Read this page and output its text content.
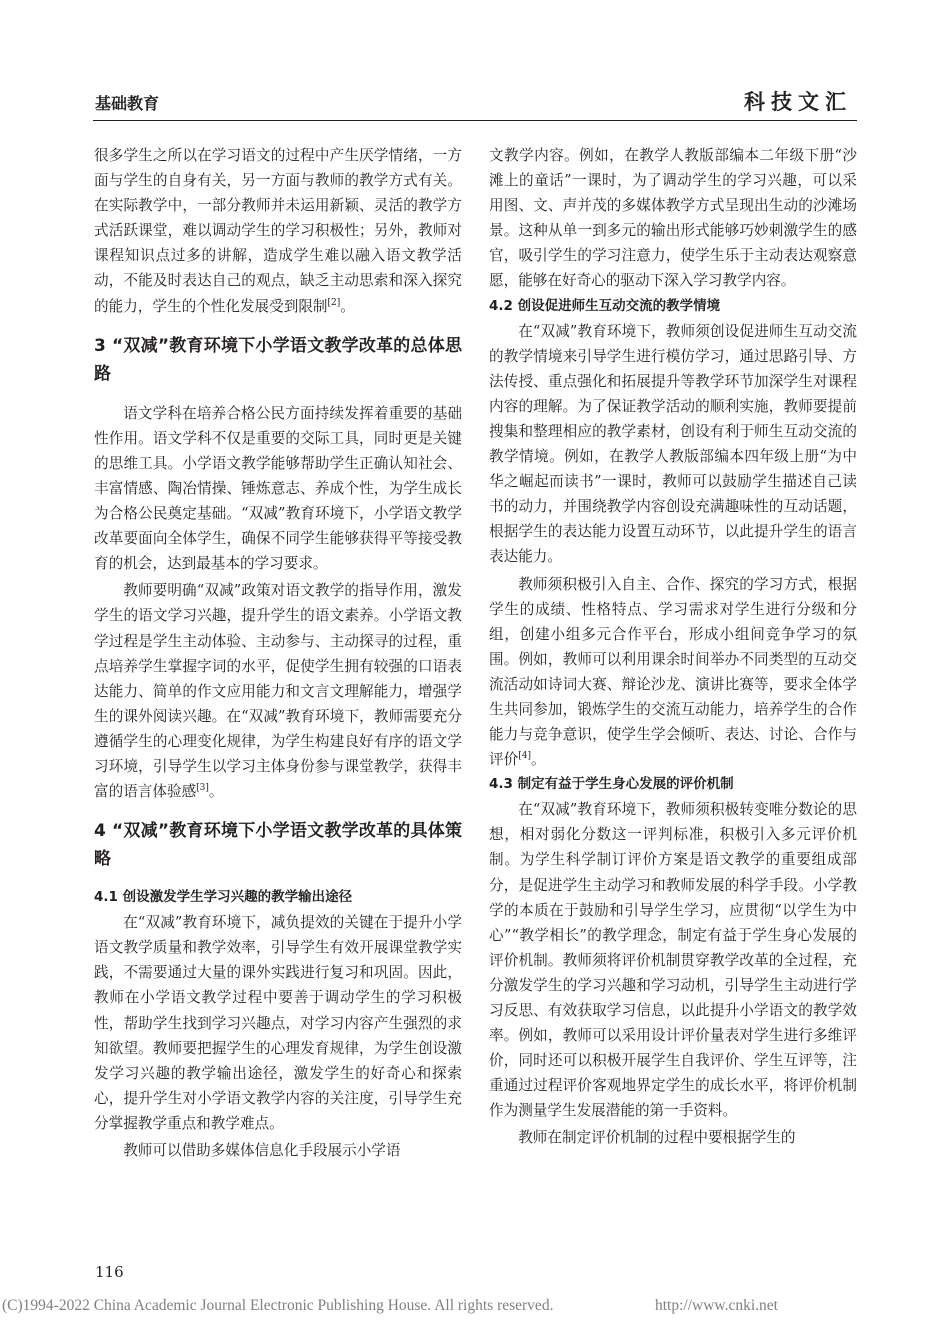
基础教育	科技文汇

很多学生之所以在学习语文的过程中产生厌学情绪，一方面与学生的自身有关，另一方面与教师的教学方式有关。在实际教学中，一部分教师并未运用新颖、灵活的教学方式活跃课堂，难以调动学生的学习积极性；另外，教师对课程知识点过多的讲解，造成学生难以融入语文教学活动，不能及时表达自己的观点，缺乏主动思索和深入探究的能力，学生的个性化发展受到限制[2]。

3 “双减”教育环境下小学语文教学改革的总体思路

语文学科在培养合格公民方面持续发挥着重要的基础性作用。语文学科不仅是重要的交际工具，同时更是关键的思维工具。小学语文教学能够帮助学生正确认知社会、丰富情感、陶冶情操、锤炼意志、养成个性，为学生成长为合格公民奠定基础。“双减”教育环境下，小学语文教学改革要面向全体学生，确保不同学生能够获得平等接受教育的机会，达到最基本的学习要求。

教师要明确“双减”政策对语文教学的指导作用，激发学生的语文学习兴趣，提升学生的语文素养。小学语文教学过程是学生主动体验、主动参与、主动探寻的过程，重点培养学生掌握字词的水平，促使学生拥有较强的口语表达能力、简单的作文应用能力和文言文理解能力，增强学生的课外阅读兴趣。在“双减”教育环境下，教师需要充分遵循学生的心理变化规律，为学生构建良好有序的语文学习环境，引导学生以学习主体身份参与课堂教学，获得丰富的语言体验感[3]。

4 “双减”教育环境下小学语文教学改革的具体策略
4.1 创设激发学生学习兴趣的教学输出途径

在“双减”教育环境下，减负提效的关键在于提升小学语文教学质量和教学效率，引导学生有效开展课堂教学实践，不需要通过大量的课外实践进行复习和巩固。因此，教师在小学语文教学过程中要善于调动学生的学习积极性，帮助学生找到学习兴趣点，对学习内容产生强烈的求知欲望。教师要把握学生的心理发育规律，为学生创设激发学习兴趣的教学输出途径，激发学生的好奇心和探索心，提升学生对小学语文教学内容的关注度，引导学生充分掌握教学重点和教学难点。

教师可以借助多媒体信息化手段展示小学语

文教学内容。例如，在教学人教版部编本二年级下册“沙滩上的童话”一课时，为了调动学生的学习兴趣，可以采用图、文、声并茂的多媒体教学方式呈现出生动的沙滩场景。这种从单一到多元的输出形式能够巧妙刺激学生的感官，吸引学生的学习注意力，使学生乐于主动表达观察意愿，能够在好奇心的驱动下深入学习教学内容。

4.2 创设促进师生互动交流的教学情境

在“双减”教育环境下，教师须创设促进师生互动交流的教学情境来引导学生进行模仿学习，通过思路引导、方法传授、重点强化和拓展提升等教学环节加深学生对课程内容的理解。为了保证教学活动的顺利实施，教师要提前搜集和整理相应的教学素材，创设有利于师生互动交流的教学情境。例如，在教学人教版部编本四年级上册“为中华之崛起而读书”一课时，教师可以鼓励学生描述自己读书的动力，并围绕教学内容创设充满趣味性的互动话题，根据学生的表达能力设置互动环节，以此提升学生的语言表达能力。

教师须积极引入自主、合作、探究的学习方式，根据学生的成绩、性格特点、学习需求对学生进行分级和分组，创建小组多元合作平台，形成小组间竞争学习的氛围。例如，教师可以利用课余时间举办不同类型的互动交流活动如诗词大赛、辩论沙龙、演讲比赛等，要求全体学生共同参加，锻炼学生的交流互动能力，培养学生的合作能力与竞争意识，使学生学会倾听、表达、讨论、合作与评价[4]。

4.3 制定有益于学生身心发展的评价机制

在“双减”教育环境下，教师须积极转变唯分数论的思想，相对弱化分数这一评判标准，积极引入多元评价机制。为学生科学制订评价方案是语文教学的重要组成部分，是促进学生主动学习和教师发展的科学手段。小学教学的本质在于鼓励和引导学生学习，应贯彻“以学生为中心”“教学相长”的教学理念，制定有益于学生身心发展的评价机制。教师须将评价机制贯穿教学改革的全过程，充分激发学生的学习兴趣和学习动机，引导学生主动进行学习反思、有效获取学习信息，以此提升小学语文的教学效率。例如，教师可以采用设计评价量表对学生进行多维评价，同时还可以积极开展学生自我评价、学生互评等，注重通过过程评价客观地界定学生的成长水平，将评价机制作为测量学生发展潜能的第一手资料。

教师在制定评价机制的过程中要根据学生的

116
(C)1994-2022 China Academic Journal Electronic Publishing House. All rights reserved.	http://www.cnki.net
